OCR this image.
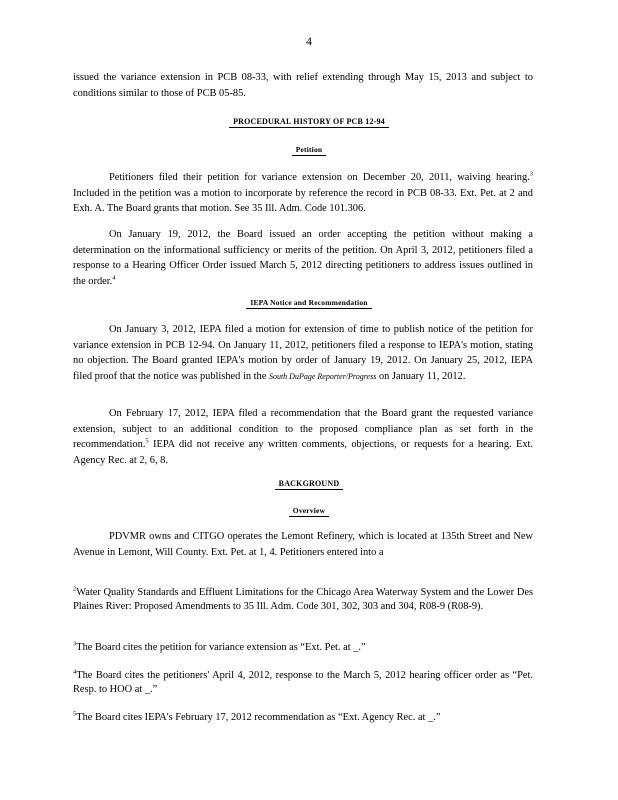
4

issued the variance extension in PCB 08-33, with relief extending through May 15, 2013 and subject to conditions similar to those of PCB 05-85.

PROCEDURAL HISTORY OF PCB 12-94
Petition

Petitioners filed their petition for variance extension on December 20, 2011, waiving hearing.$^3$ Included in the petition was a motion to incorporate by reference the record in PCB 08-33. Ext. Pet. at 2 and Exh. A. The Board grants that motion. See 35 Ill. Adm. Code 101.306.

On January 19, 2012, the Board issued an order accepting the petition without making a determination on the informational sufficiency or merits of the petition. On April 3, 2012, petitioners filed a response to a Hearing Officer Order issued March 5, 2012 directing petitioners to address issues outlined in the order.$^4$

IEPA Notice and Recommendation

On January 3, 2012, IEPA filed a motion for extension of time to publish notice of the petition for variance extension in PCB 12-94. On January 11, 2012, petitioners filed a response to IEPA's motion, stating no objection. The Board granted IEPA's motion by order of January 19, 2012. On January 25, 2012, IEPA filed proof that the notice was published in the South DuPage Reporter/Progress on January 11, 2012.

On February 17, 2012, IEPA filed a recommendation that the Board grant the requested variance extension, subject to an additional condition to the proposed compliance plan as set forth in the recommendation.$^5$ IEPA did not receive any written comments, objections, or requests for a hearing. Ext. Agency Rec. at 2, 6, 8.

BACKGROUND
Overview

PDVMR owns and CITGO operates the Lemont Refinery, which is located at 135th Street and New Avenue in Lemont, Will County. Ext. Pet. at 1, 4. Petitioners entered into a

$^2$Water Quality Standards and Effluent Limitations for the Chicago Area Waterway System and the Lower Des Plaines River: Proposed Amendments to 35 Ill. Adm. Code 301, 302, 303 and 304, R08-9 (R08-9).

$^3$The Board cites the petition for variance extension as “Ext. Pet. at _.”

$^4$The Board cites the petitioners' April 4, 2012, response to the March 5, 2012 hearing officer order as “Pet. Resp. to HOO at _.”

$^5$The Board cites IEPA's February 17, 2012 recommendation as “Ext. Agency Rec. at _.”
